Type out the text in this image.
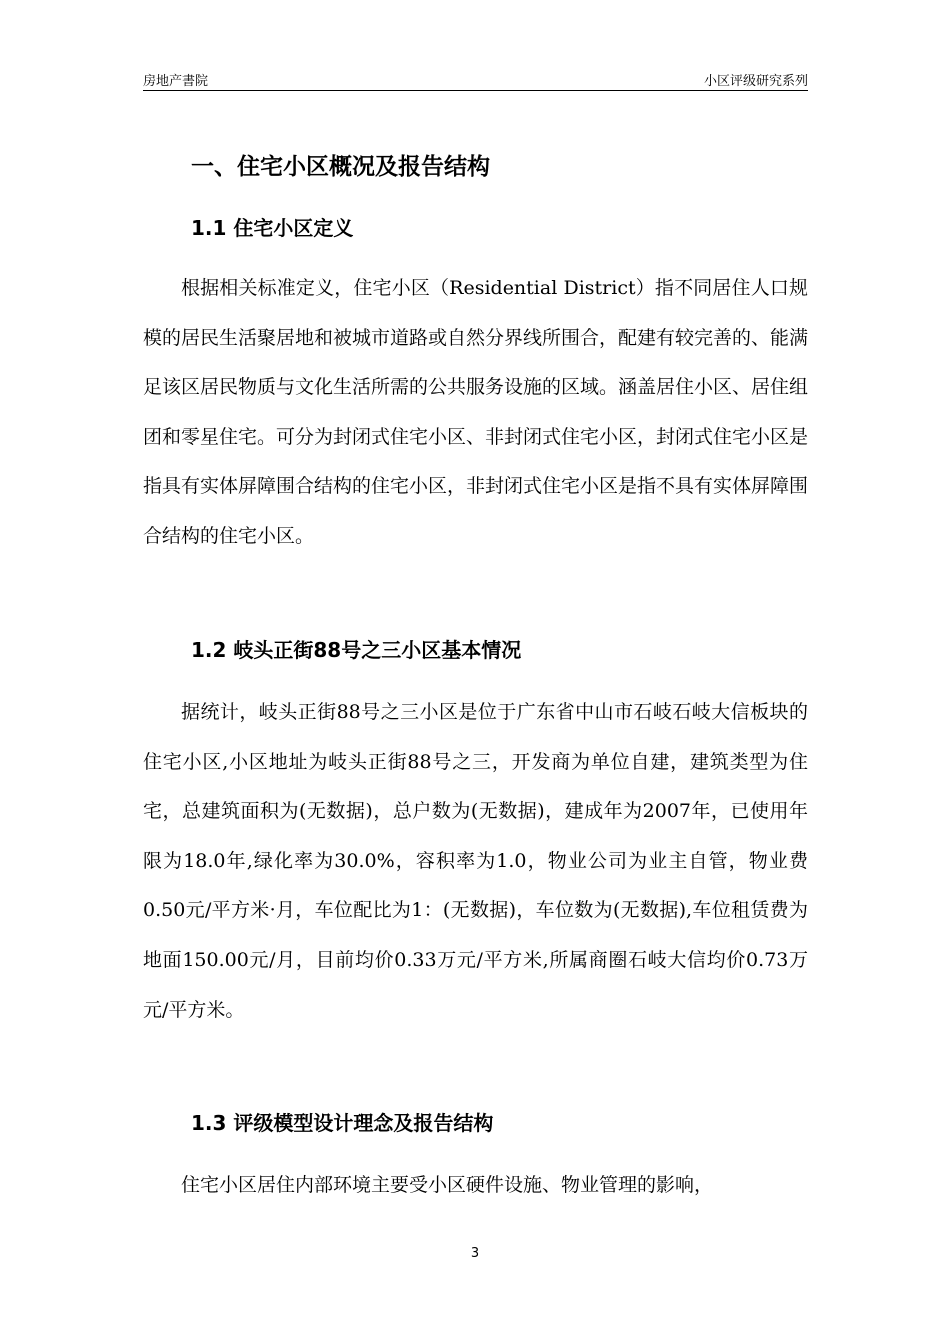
房地产書院	小区评级研究系列
一、住宅小区概况及报告结构
1.1 住宅小区定义

根据相关标准定义，住宅小区（Residential District）指不同居住人口规模的居民生活聚居地和被城市道路或自然分界线所围合，配建有较完善的、能满足该区居民物质与文化生活所需的公共服务设施的区域。涵盖居住小区、居住组团和零星住宅。可分为封闭式住宅小区、非封闭式住宅小区，封闭式住宅小区是指具有实体屏障围合结构的住宅小区，非封闭式住宅小区是指不具有实体屏障围合结构的住宅小区。

1.2 岐头正街88号之三小区基本情况

据统计，岐头正街88号之三小区是位于广东省中山市石岐石岐大信板块的住宅小区,小区地址为岐头正街88号之三，开发商为单位自建，建筑类型为住宅，总建筑面积为(无数据)，总户数为(无数据)，建成年为2007年，已使用年限为18.0年,绿化率为30.0%，容积率为1.0，物业公司为业主自管，物业费0.50元/平方米·月，车位配比为1：(无数据)，车位数为(无数据),车位租赁费为地面150.00元/月，目前均价0.33万元/平方米,所属商圈石岐大信均价0.73万元/平方米。

1.3 评级模型设计理念及报告结构

住宅小区居住内部环境主要受小区硬件设施、物业管理的影响，

3
